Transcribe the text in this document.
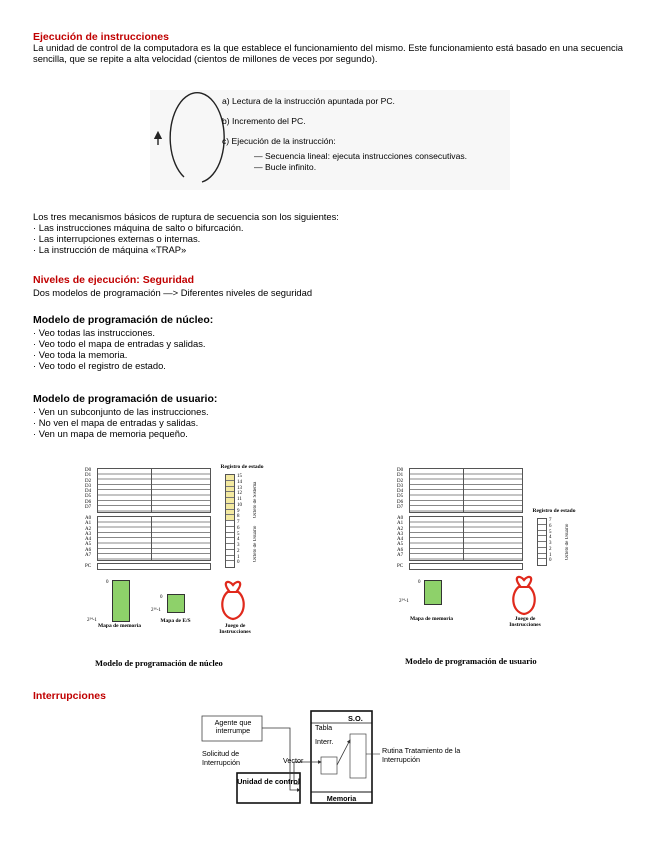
Ejecución de instrucciones
La unidad de control de la computadora es la que establece el funcionamiento del mismo. Este funcionamiento está basado en una secuencia sencilla, que se repite a alta velocidad (cientos de millones de veces por segundo).
a) Lectura de la instrucción apuntada por PC.
b) Incremento del PC.
c) Ejecución de la instrucción:
— Secuencia lineal: ejecuta instrucciones consecutivas.
— Bucle infinito.
Los tres mecanismos básicos de ruptura de secuencia son los siguientes:
· Las instrucciones máquina de salto o bifurcación.
· Las interrupciones externas o internas.
· La instrucción de máquina «TRAP»
Niveles de ejecución: Seguridad
Dos modelos de programación —> Diferentes niveles de seguridad
Modelo de programación de núcleo:
· Veo todas las instrucciones.
· Veo todo el mapa de entradas y salidas.
· Veo toda la memoria.
· Veo todo el registro de estado.
Modelo de programación de usuario:
· Ven un subconjunto de las instrucciones.
· No ven el mapa de entradas y salidas.
· Ven un mapa de memoria pequeño.
D0
D1
D2
D3
D4
D5
D6
D7
A0
A1
A2
A3
A4
A5
A6
A7
PC
Registro de estado
15
14
13
12
11
10
9
8
7
6
5
4
3
2
1
0
Octeto de Sistema
Octeto de Usuario
0
2²⁴-1
Mapa de memoria
0
2¹⁶-1
Mapa de E/S
Juego de Instrucciones
Modelo de programación de núcleo
D0
D1
D2
D3
D4
D5
D6
D7
A0
A1
A2
A3
A4
A5
A6
A7
PC
Registro de estado
7
6
5
4
3
2
1
0
Octeto de Usuario
0
2²⁴-1
Mapa de memoria	Juego de Instrucciones
Modelo de programación de usuario
Interrupciones
Agente que interrumpe
Solicitud de Interrupción	Vector
Unidad de control
S.O.
Tabla Interr.
Rutina Tratamiento de la Interrupción
Memoria
